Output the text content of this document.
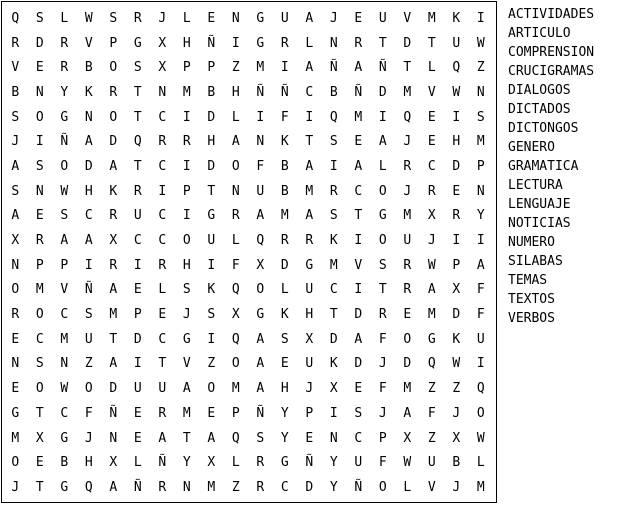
Q	S	L	W	S	R	J	L	E	N	G	U	A	J	E	U	V	M	K	I
R	D	R	V	P	G	X	H	Ñ	I	G	R	L	N	R	T	D	T	U	W
V	E	R	B	O	S	X	P	P	Z	M	I	A	Ñ	A	Ñ	T	L	Q	Z
B	N	Y	K	R	T	N	M	B	H	Ñ	Ñ	C	B	Ñ	D	M	V	W	N
S	O	G	N	O	T	C	I	D	L	I	F	I	Q	M	I	Q	E	I	S
J	I	Ñ	A	D	Q	R	R	H	A	N	K	T	S	E	A	J	E	H	M
A	S	O	D	A	T	C	I	D	O	F	B	A	I	A	L	R	C	D	P
S	N	W	H	K	R	I	P	T	N	U	B	M	R	C	O	J	R	E	N
A	E	S	C	R	U	C	I	G	R	A	M	A	S	T	G	M	X	R	Y
X	R	A	A	X	C	C	O	U	L	Q	R	R	K	I	O	U	J	I	I
N	P	P	I	R	I	R	H	I	F	X	D	G	M	V	S	R	W	P	A
O	M	V	Ñ	A	E	L	S	K	Q	O	L	U	C	I	T	R	A	X	F
R	O	C	S	M	P	E	J	S	X	G	K	H	T	D	R	E	M	D	F
E	C	M	U	T	D	C	G	I	Q	A	S	X	D	A	F	O	G	K	U
N	S	N	Z	A	I	T	V	Z	O	A	E	U	K	D	J	D	Q	W	I
E	O	W	O	D	U	U	A	O	M	A	H	J	X	E	F	M	Z	Z	Q
G	T	C	F	Ñ	E	R	M	E	P	Ñ	Y	P	I	S	J	A	F	J	O
M	X	G	J	N	E	A	T	A	Q	S	Y	E	N	C	P	X	Z	X	W
O	E	B	H	X	L	Ñ	Y	X	L	R	G	Ñ	Y	U	F	W	U	B	L
J	T	G	Q	A	Ñ	R	N	M	Z	R	C	D	Y	Ñ	O	L	V	J	M
ACTIVIDADES
ARTICULO
COMPRENSION
CRUCIGRAMAS
DIALOGOS
DICTADOS
DICTONGOS
GENERO
GRAMATICA
LECTURA
LENGUAJE
NOTICIAS
NUMERO
SILABAS
TEMAS
TEXTOS
VERBOS
